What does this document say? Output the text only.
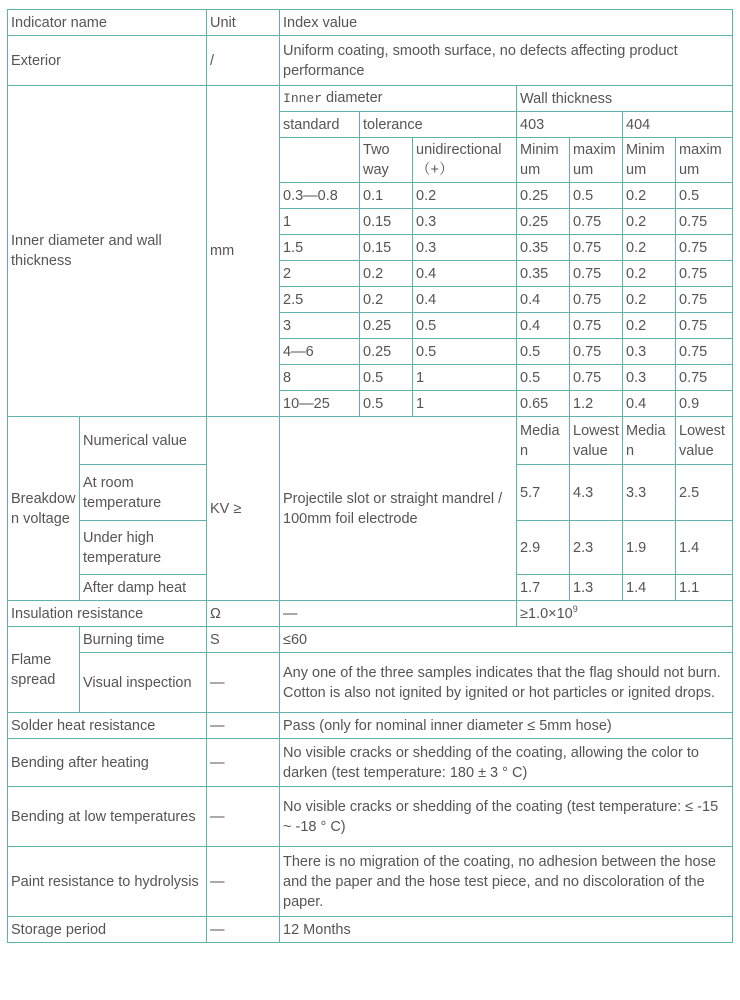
Indicator name		Unit	Index value						
Exterior		/	Uniform coating, smooth surface, no defects affecting product performance						
Inner diameter and wall thickness		mm	Inner diameter			Wall thickness			
			standard	tolerance		403		404	
				Two way	unidirectional（+）	Minimum	maximum	Minimum	maximum
			0.3—0.8	0.1	0.2	0.25	0.5	0.2	0.5
			1	0.15	0.3	0.25	0.75	0.2	0.75
			1.5	0.15	0.3	0.35	0.75	0.2	0.75
			2	0.2	0.4	0.35	0.75	0.2	0.75
			2.5	0.2	0.4	0.4	0.75	0.2	0.75
			3	0.25	0.5	0.4	0.75	0.2	0.75
			4—6	0.25	0.5	0.5	0.75	0.3	0.75
			8	0.5	1	0.5	0.75	0.3	0.75
			10—25	0.5	1	0.65	1.2	0.4	0.9
Breakdown voltage	Numerical value	KV ≥	Projectile slot or straight mandrel / 100mm foil electrode			Median	Lowest value	Median	Lowest value
	At room temperature					5.7	4.3	3.3	2.5
	Under high temperature					2.9	2.3	1.9	1.4
	After damp heat					1.7	1.3	1.4	1.1
Insulation resistance		Ω	—			$\ge 1.0\times 10^9$
Flame spread	Burning time	S	≤60						
	Visual inspection	—	Any one of the three samples indicates that the flag should not burn. Cotton is also not ignited by ignited or hot particles or ignited drops.						
Solder heat resistance		—	Pass (only for nominal inner diameter ≤ 5mm hose)						
Bending after heating		—	No visible cracks or shedding of the coating, allowing the color to darken (test temperature: 180 ± 3 ° C)						
Bending at low temperatures		—	No visible cracks or shedding of the coating (test temperature: ≤ -15 ~ -18 ° C)						
Paint resistance to hydrolysis		—	There is no migration of the coating, no adhesion between the hose and the paper and the hose test piece, and no discoloration of the paper.						
Storage period		—	12 Months						
